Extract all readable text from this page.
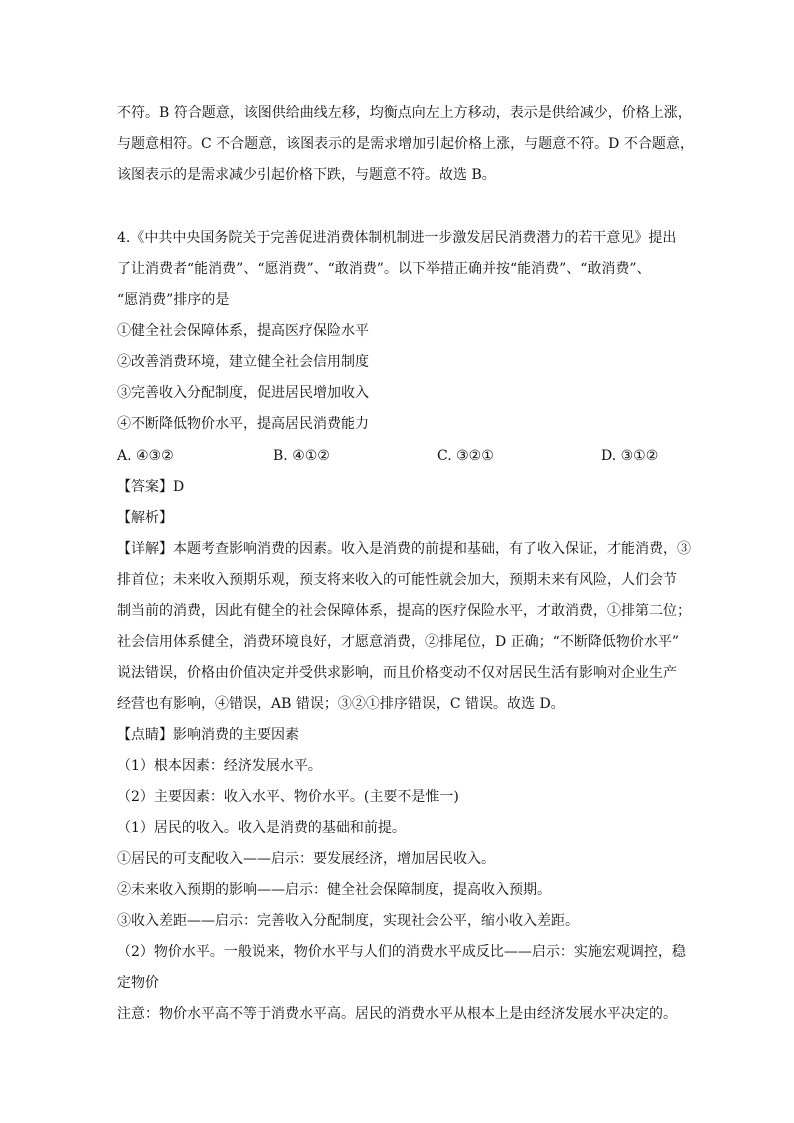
不符。B 符合题意，该图供给曲线左移，均衡点向左上方移动，表示是供给减少，价格上涨，
与题意相符。C 不合题意，该图表示的是需求增加引起价格上涨，与题意不符。D 不合题意，
该图表示的是需求减少引起价格下跌，与题意不符。故选 B。
4.《中共中央国务院关于完善促进消费体制机制进一步激发居民消费潜力的若干意见》提出
了让消费者“能消费”、“愿消费”、“敢消费”。以下举措正确并按“能消费”、“敢消费”、
“愿消费”排序的是
①健全社会保障体系，提高医疗保险水平
②改善消费环境，建立健全社会信用制度
③完善收入分配制度，促进居民增加收入
④不断降低物价水平，提高居民消费能力
A. ④③②	B. ④①②	C. ③②①	D. ③①②
【答案】D
【解析】
【详解】本题考查影响消费的因素。收入是消费的前提和基础，有了收入保证，才能消费，③
排首位；未来收入预期乐观，预支将来收入的可能性就会加大，预期未来有风险，人们会节
制当前的消费，因此有健全的社会保障体系，提高的医疗保险水平，才敢消费，①排第二位；
社会信用体系健全，消费环境良好，才愿意消费，②排尾位，D 正确；“不断降低物价水平”
说法错误，价格由价值决定并受供求影响，而且价格变动不仅对居民生活有影响对企业生产
经营也有影响，④错误，AB 错误；③②①排序错误，C 错误。故选 D。
【点睛】影响消费的主要因素
（1）根本因素：经济发展水平。
（2）主要因素：收入水平、物价水平。(主要不是惟一)
（1）居民的收入。收入是消费的基础和前提。
①居民的可支配收入——启示：要发展经济，增加居民收入。
②未来收入预期的影响——启示：健全社会保障制度，提高收入预期。
③收入差距——启示：完善收入分配制度，实现社会公平，缩小收入差距。
（2）物价水平。一般说来，物价水平与人们的消费水平成反比——启示：实施宏观调控，稳
定物价
注意：物价水平高不等于消费水平高。居民的消费水平从根本上是由经济发展水平决定的。
